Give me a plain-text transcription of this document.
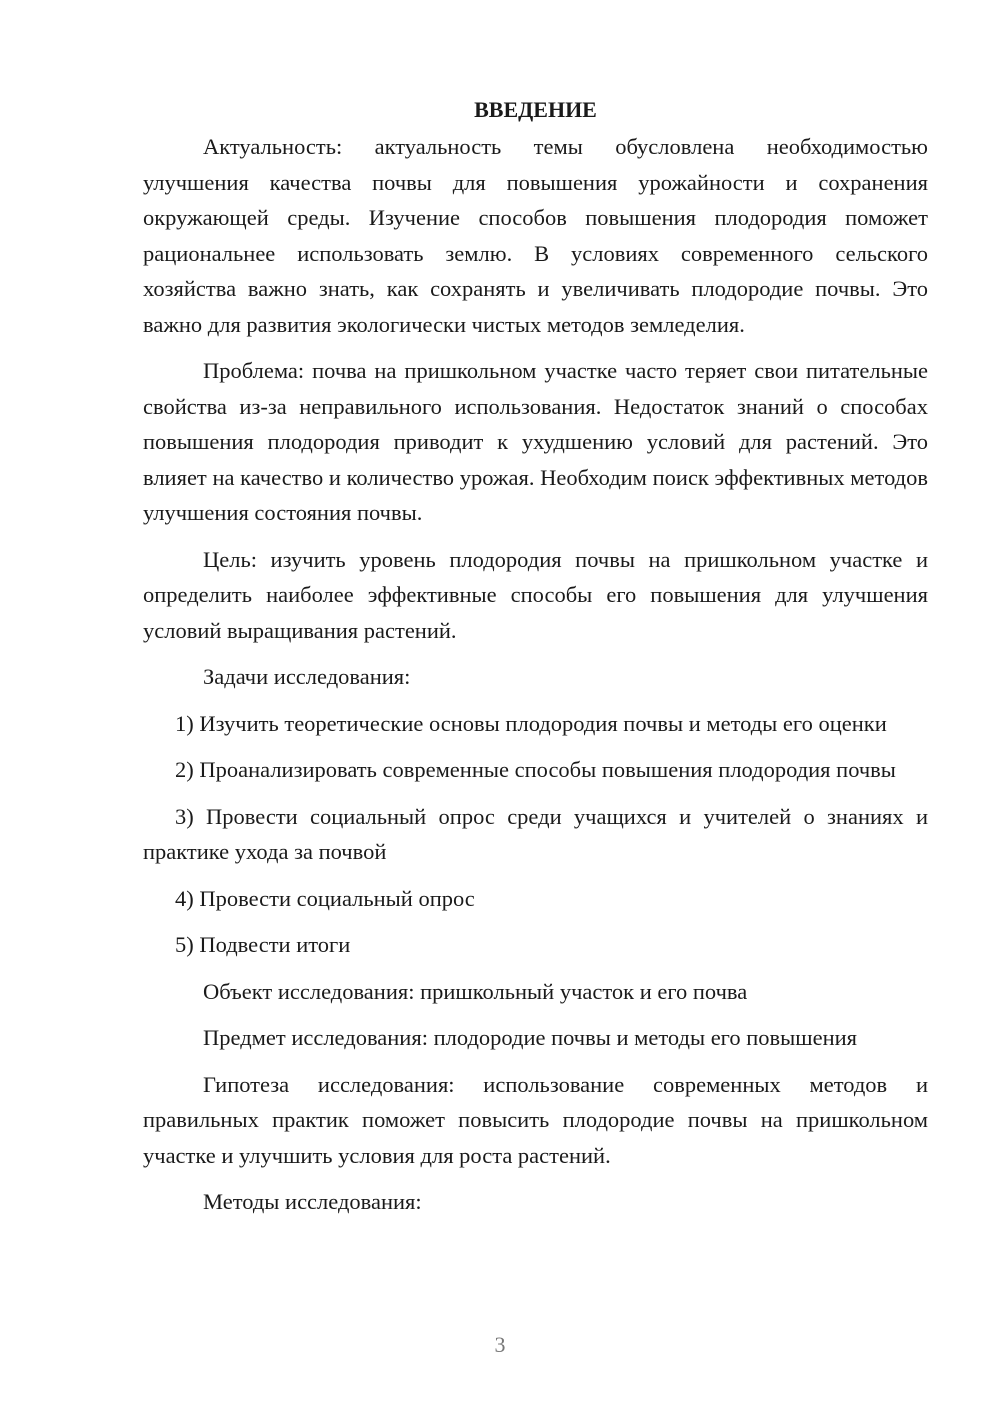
ВВЕДЕНИЕ

Актуальность: актуальность темы обусловлена необходимостью улучшения качества почвы для повышения урожайности и сохранения окружающей среды. Изучение способов повышения плодородия поможет рациональнее использовать землю. В условиях современного сельского хозяйства важно знать, как сохранять и увеличивать плодородие почвы. Это важно для развития экологически чистых методов земледелия.

Проблема: почва на пришкольном участке часто теряет свои питательные свойства из-за неправильного использования. Недостаток знаний о способах повышения плодородия приводит к ухудшению условий для растений. Это влияет на качество и количество урожая. Необходим поиск эффективных методов улучшения состояния почвы.

Цель: изучить уровень плодородия почвы на пришкольном участке и определить наиболее эффективные способы его повышения для улучшения условий выращивания растений.

Задачи исследования:

1) Изучить теоретические основы плодородия почвы и методы его оценки

2) Проанализировать современные способы повышения плодородия почвы

3) Провести социальный опрос среди учащихся и учителей о знаниях и практике ухода за почвой

4) Провести социальный опрос

5) Подвести итоги

Объект исследования: пришкольный участок и его почва

Предмет исследования: плодородие почвы и методы его повышения

Гипотеза исследования: использование современных методов и правильных практик поможет повысить плодородие почвы на пришкольном участке и улучшить условия для роста растений.

Методы исследования:

3
